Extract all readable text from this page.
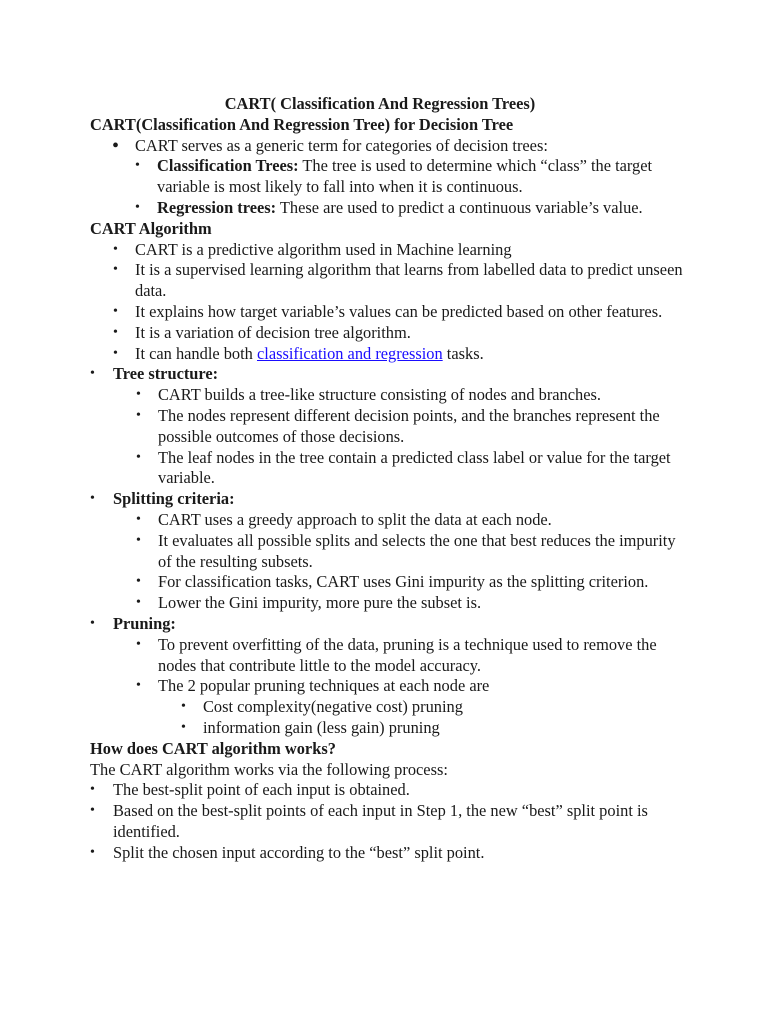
CART( Classification And Regression Trees)

CART(Classification And Regression Tree) for Decision Tree

• CART serves as a generic term for categories of decision trees:
• Classification Trees: The tree is used to determine which “class” the target variable is most likely to fall into when it is continuous.
• Regression trees: These are used to predict a continuous variable’s value.

CART Algorithm

• CART is a predictive algorithm used in Machine learning
• It is a supervised learning algorithm that learns from labelled data to predict unseen data.
• It explains how target variable’s values can be predicted based on other features.
• It is a variation of decision tree algorithm.
• It can handle both classification and regression tasks.
• Tree structure:
• CART builds a tree-like structure consisting of nodes and branches.
• The nodes represent different decision points, and the branches represent the possible outcomes of those decisions.
• The leaf nodes in the tree contain a predicted class label or value for the target variable.
• Splitting criteria:
• CART uses a greedy approach to split the data at each node.
• It evaluates all possible splits and selects the one that best reduces the impurity of the resulting subsets.
• For classification tasks, CART uses Gini impurity as the splitting criterion.
• Lower the Gini impurity, more pure the subset is.
• Pruning:
• To prevent overfitting of the data, pruning is a technique used to remove the nodes that contribute little to the model accuracy.
• The 2 popular pruning techniques at each node are
• Cost complexity(negative cost) pruning
• information gain (less gain) pruning

How does CART algorithm works?

The CART algorithm works via the following process:

• The best-split point of each input is obtained.
• Based on the best-split points of each input in Step 1, the new “best” split point is identified.
• Split the chosen input according to the “best” split point.
